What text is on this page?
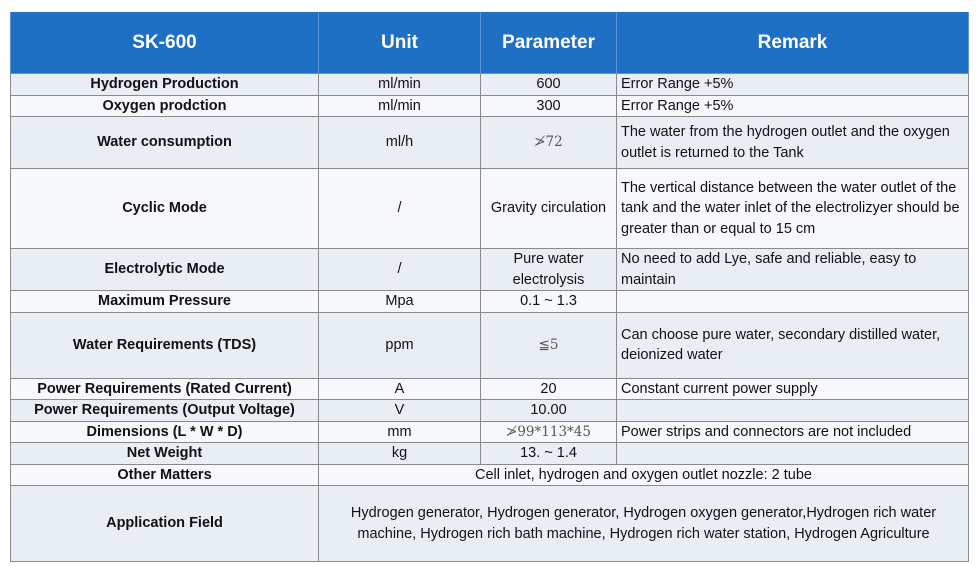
SK-600	Unit	Parameter	Remark
Hydrogen Production	ml/min	600	Error Range +5%
Oxygen prodction	ml/min	300	Error Range +5%
Water consumption	ml/h	≯72	The water from the hydrogen outlet and the oxygen outlet is returned to the Tank
Cyclic Mode	/	Gravity circulation	The vertical distance between the water outlet of the tank and the water inlet of the electrolizyer should be greater than or equal to 15 cm
Electrolytic Mode	/	Pure water electrolysis	No need to add Lye, safe and reliable, easy to maintain
Maximum Pressure	Mpa	0.1 ~ 1.3	
Water Requirements (TDS)	ppm	≦5	Can choose pure water, secondary distilled water, deionized water
Power Requirements (Rated Current)	A	20	Constant current power supply
Power Requirements (Output Voltage)	V	10.00	
Dimensions (L * W * D)	mm	≯99*113*45	Power strips and connectors are not included
Net Weight	kg	13. ~ 1.4	
Other Matters	Cell inlet, hydrogen and oxygen outlet nozzle: 2 tube		
Application Field	Hydrogen generator, Hydrogen generator, Hydrogen oxygen generator,Hydrogen rich water machine, Hydrogen rich bath machine, Hydrogen rich water station, Hydrogen Agriculture		
